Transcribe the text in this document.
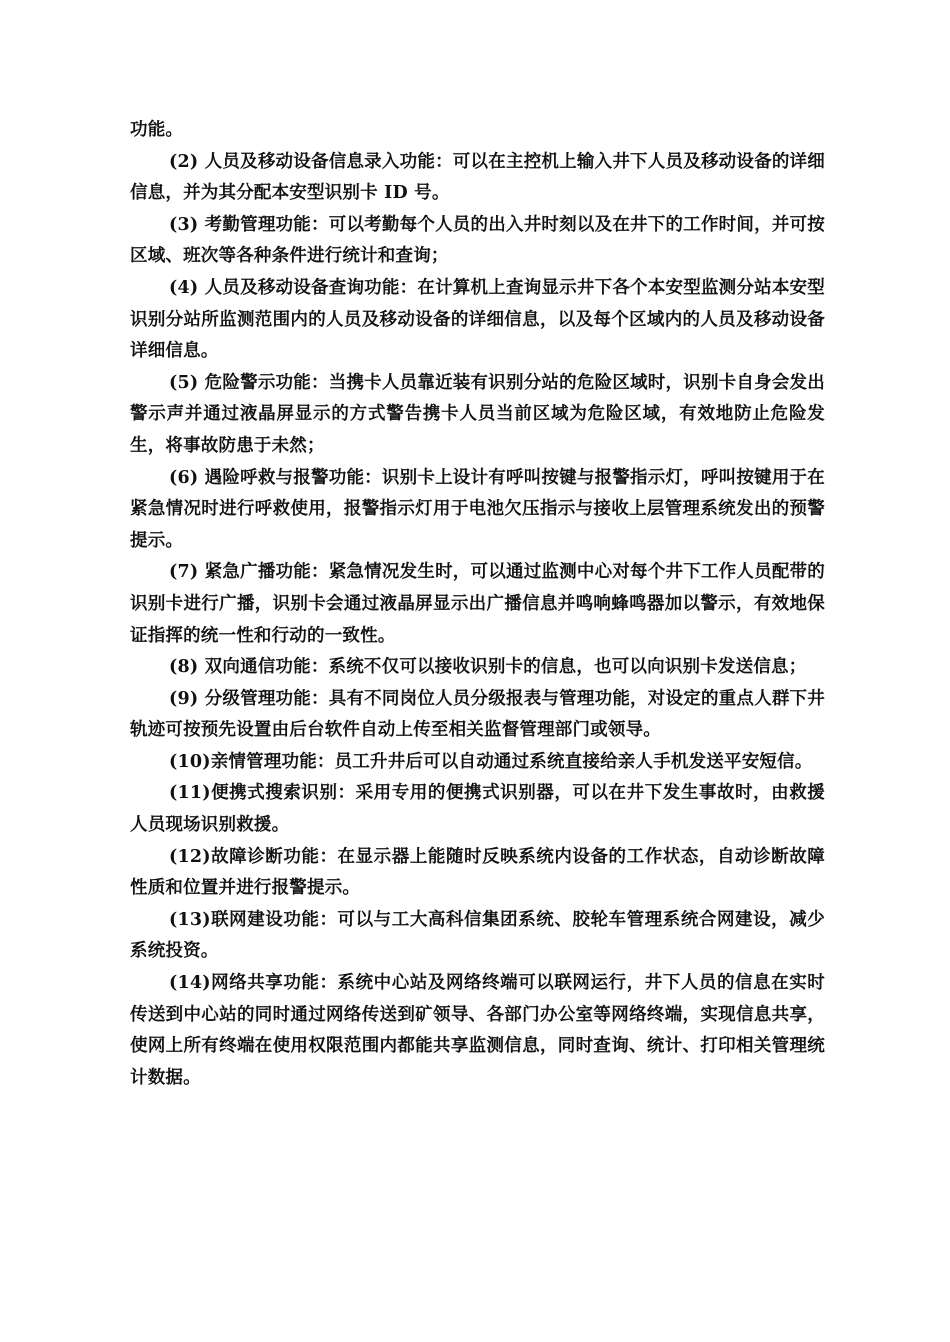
功能。

(2) 人员及移动设备信息录入功能：可以在主控机上输入井下人员及移动设备的详细信息，并为其分配本安型识别卡 ID 号。

(3) 考勤管理功能：可以考勤每个人员的出入井时刻以及在井下的工作时间，并可按区域、班次等各种条件进行统计和查询；

(4) 人员及移动设备查询功能：在计算机上查询显示井下各个本安型监测分站本安型识别分站所监测范围内的人员及移动设备的详细信息，以及每个区域内的人员及移动设备详细信息。

(5) 危险警示功能：当携卡人员靠近装有识别分站的危险区域时，识别卡自身会发出警示声并通过液晶屏显示的方式警告携卡人员当前区域为危险区域，有效地防止危险发生，将事故防患于未然；

(6) 遇险呼救与报警功能：识别卡上设计有呼叫按键与报警指示灯，呼叫按键用于在紧急情况时进行呼救使用，报警指示灯用于电池欠压指示与接收上层管理系统发出的预警提示。

(7) 紧急广播功能：紧急情况发生时，可以通过监测中心对每个井下工作人员配带的识别卡进行广播，识别卡会通过液晶屏显示出广播信息并鸣响蜂鸣器加以警示，有效地保证指挥的统一性和行动的一致性。

(8) 双向通信功能：系统不仅可以接收识别卡的信息，也可以向识别卡发送信息；

(9) 分级管理功能：具有不同岗位人员分级报表与管理功能，对设定的重点人群下井轨迹可按预先设置由后台软件自动上传至相关监督管理部门或领导。

(10)亲情管理功能：员工升井后可以自动通过系统直接给亲人手机发送平安短信。

(11)便携式搜索识别：采用专用的便携式识别器，可以在井下发生事故时，由救援人员现场识别救援。

(12)故障诊断功能：在显示器上能随时反映系统内设备的工作状态，自动诊断故障性质和位置并进行报警提示。

(13)联网建设功能：可以与工大高科信集团系统、胶轮车管理系统合网建设，减少系统投资。

(14)网络共享功能：系统中心站及网络终端可以联网运行，井下人员的信息在实时传送到中心站的同时通过网络传送到矿领导、各部门办公室等网络终端，实现信息共享，使网上所有终端在使用权限范围内都能共享监测信息，同时查询、统计、打印相关管理统计数据。
